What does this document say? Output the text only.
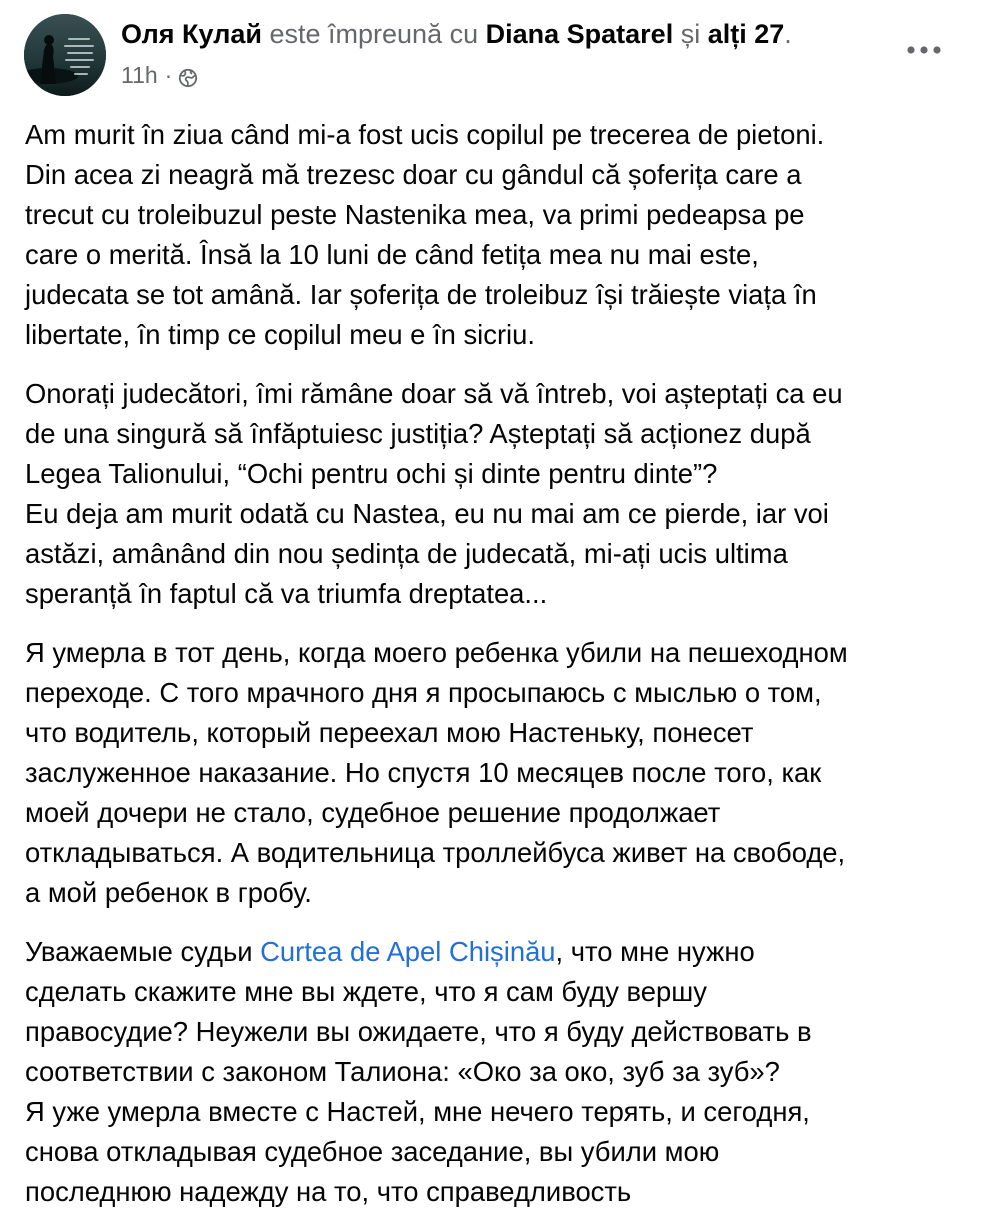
Оля Кулай este împreună cu Diana Spatarel și alți 27.
11h ·

Am murit în ziua când mi-a fost ucis copilul pe trecerea de pietoni.
Din acea zi neagră mă trezesc doar cu gândul că șoferița care a
trecut cu troleibuzul peste Nastenika mea, va primi pedeapsa pe
care o merită. Însă la 10 luni de când fetița mea nu mai este,
judecata se tot amână. Iar șoferița de troleibuz își trăiește viața în
libertate, în timp ce copilul meu e în sicriu.

Onorați judecători, îmi rămâne doar să vă întreb, voi așteptați ca eu
de una singură să înfăptuiesc justiția? Așteptați să acționez după
Legea Talionului, “Ochi pentru ochi și dinte pentru dinte”?
Eu deja am murit odată cu Nastea, eu nu mai am ce pierde, iar voi
astăzi, amânând din nou ședința de judecată, mi-ați ucis ultima
speranță în faptul că va triumfa dreptatea...

Я умерла в тот день, когда моего ребенка убили на пешеходном
переходе. С того мрачного дня я просыпаюсь с мыслью о том,
что водитель, который переехал мою Настеньку, понесет
заслуженное наказание. Но спустя 10 месяцев после того, как
моей дочери не стало, судебное решение продолжает
откладываться. А водительница троллейбуса живет на свободе,
а мой ребенок в гробу.

Уважаемые судьи Curtea de Apel Chișinău, что мне нужно
сделать скажите мне вы ждете, что я сам буду вершу
правосудие? Неужели вы ожидаете, что я буду действовать в
соответствии с законом Талиона: «Око за око, зуб за зуб»?
Я уже умерла вместе с Настей, мне нечего терять, и сегодня,
снова откладывая судебное заседание, вы убили мою
последнюю надежду на то, что справедливость
